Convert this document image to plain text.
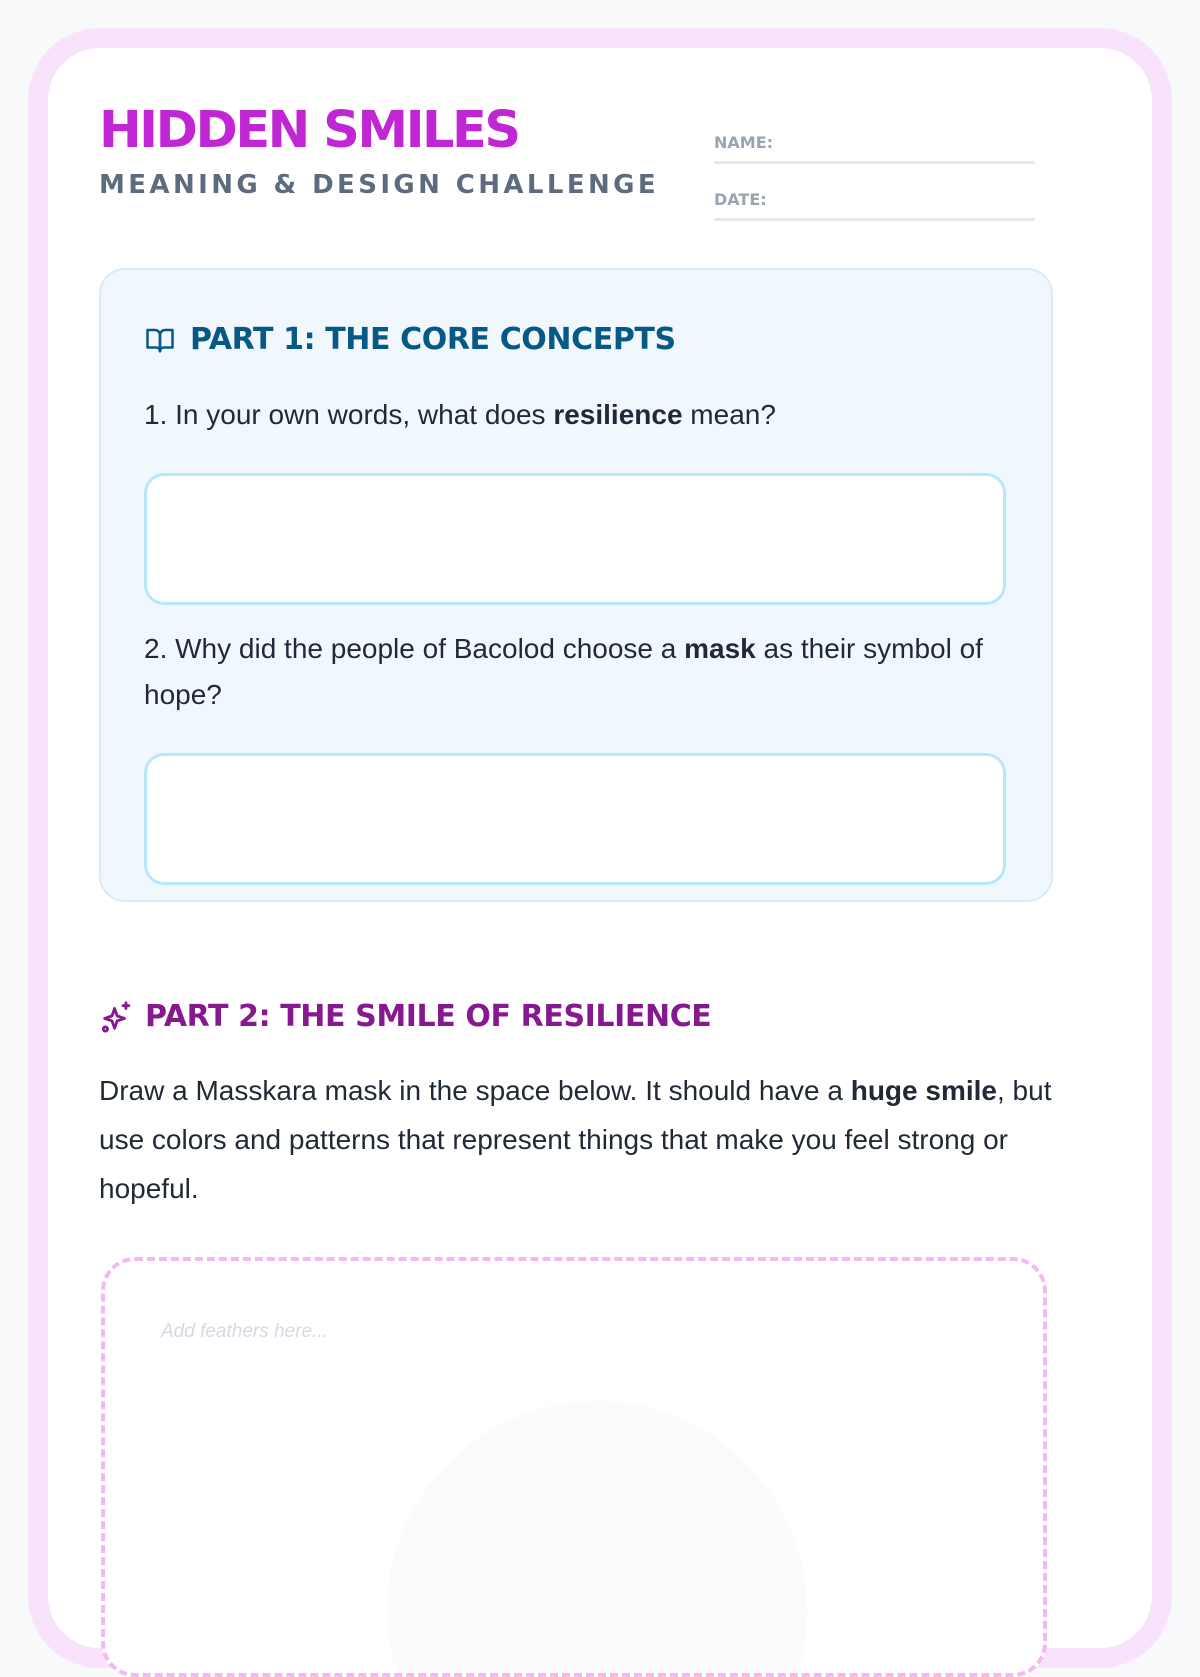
HIDDEN SMILES
MEANING & DESIGN CHALLENGE
NAME:
DATE:
PART 1: THE CORE CONCEPTS
1. In your own words, what does resilience mean?
2. Why did the people of Bacolod choose a mask as their symbol of hope?
PART 2: THE SMILE OF RESILIENCE
Draw a Masskara mask in the space below. It should have a huge smile, but use colors and patterns that represent things that make you feel strong or hopeful.
Add feathers here...
